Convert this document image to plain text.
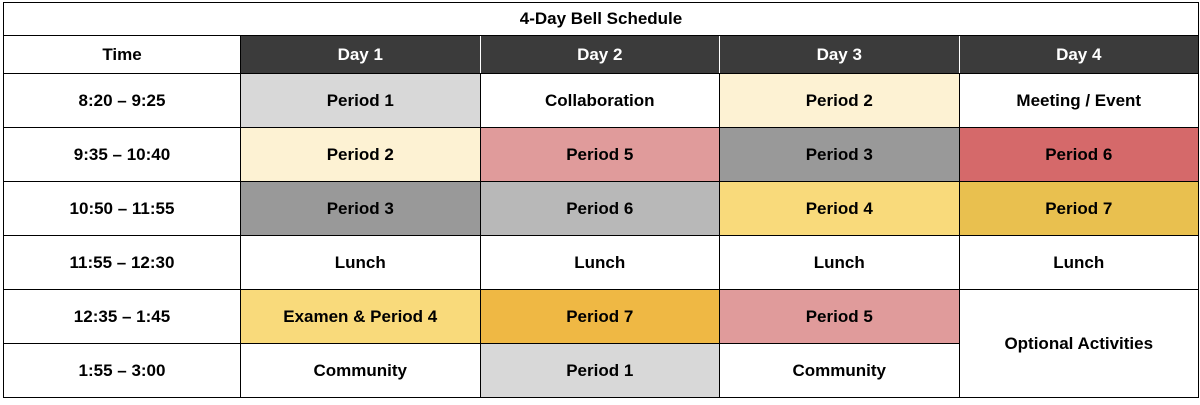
4-Day Bell Schedule				
Time	Day 1	Day 2	Day 3	Day 4
8:20 – 9:25	Period 1	Collaboration	Period 2	Meeting / Event
9:35 – 10:40	Period 2	Period 5	Period 3	Period 6
10:50 – 11:55	Period 3	Period 6	Period 4	Period 7
11:55 – 12:30	Lunch	Lunch	Lunch	Lunch
12:35 – 1:45	Examen & Period 4	Period 7	Period 5	Optional Activities
1:55 – 3:00	Community	Period 1	Community	
